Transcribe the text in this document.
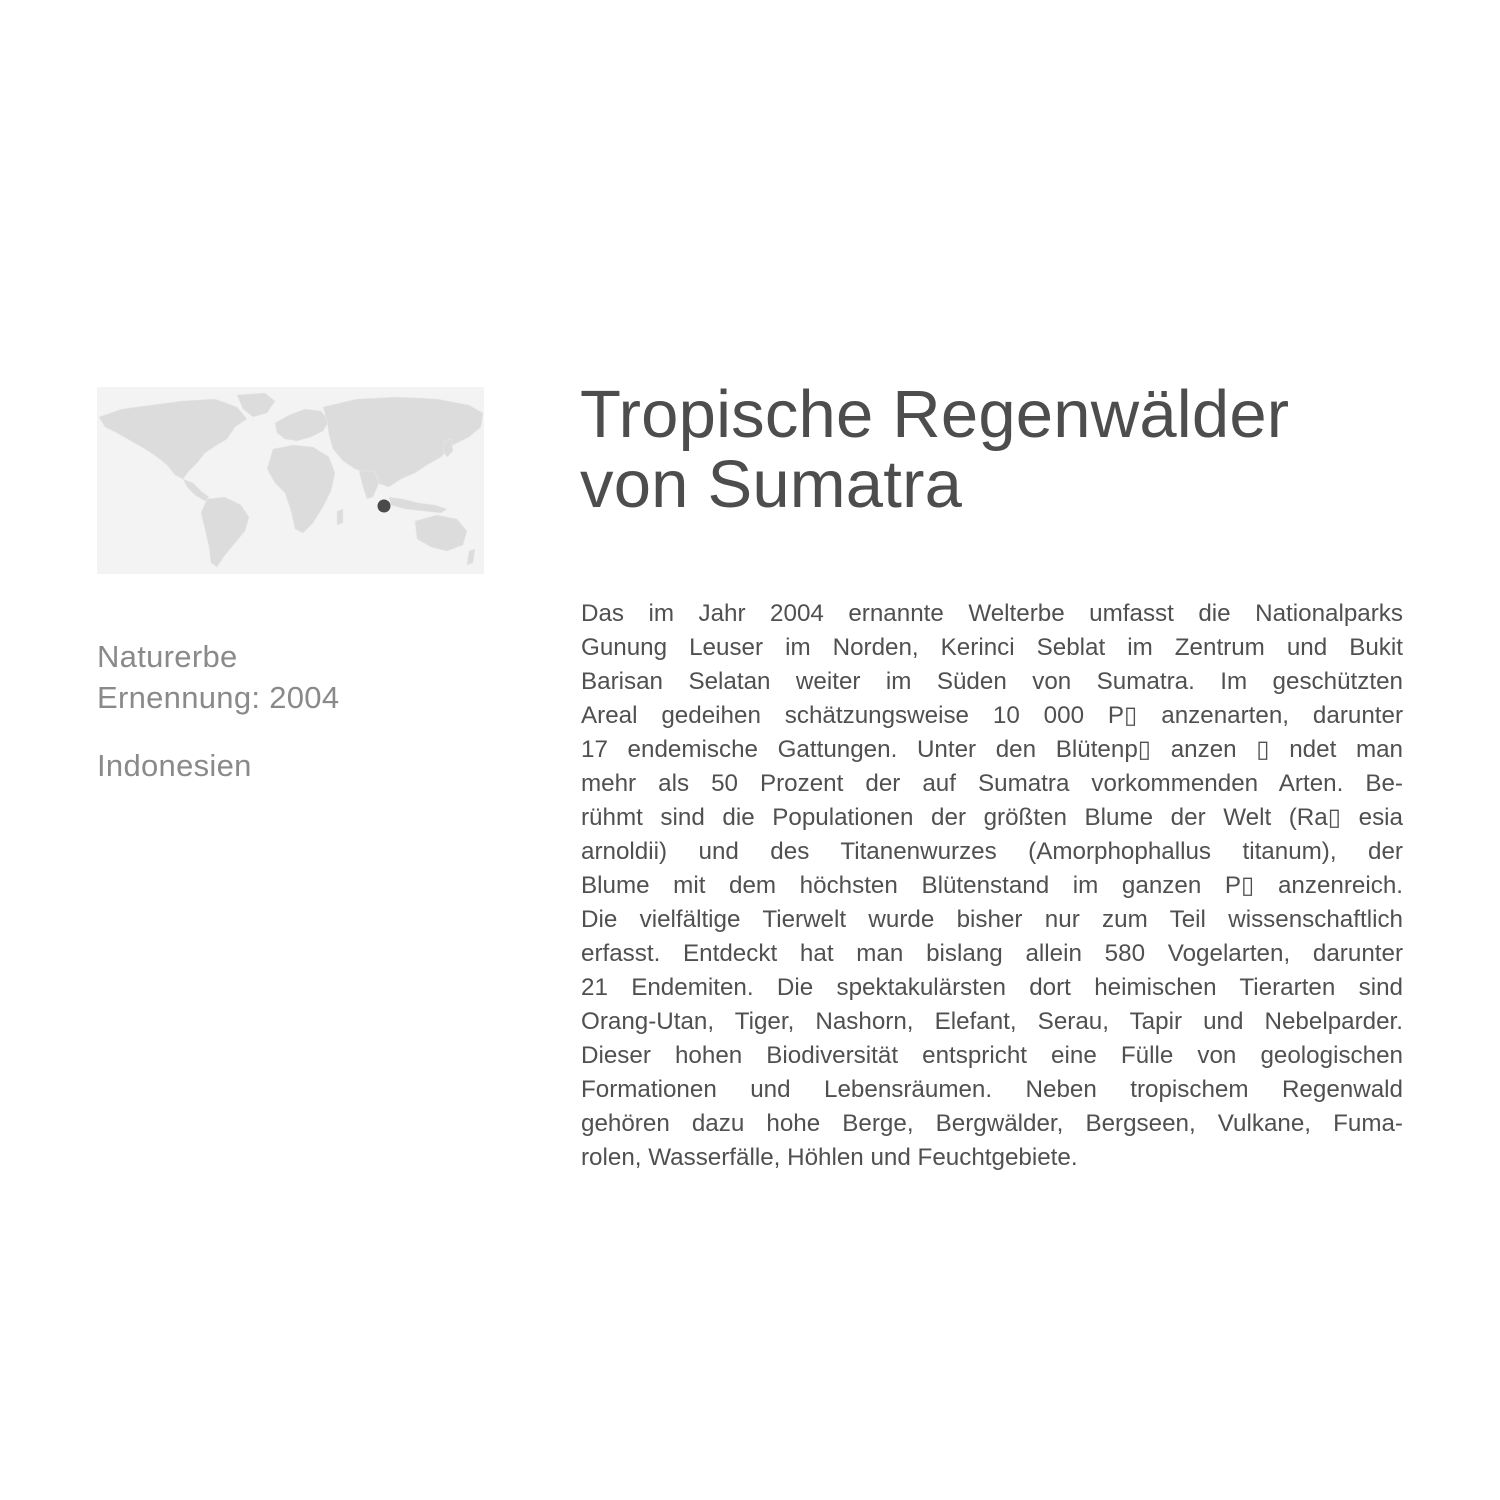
Naturerbe
Ernennung: 2004
Indonesien
Tropische Regenwälder
von Sumatra
Das im Jahr 2004 ernannte Welterbe umfasst die Nationalparks
Gunung Leuser im Norden, Kerinci Seblat im Zentrum und Bukit
Barisan Selatan weiter im Süden von Sumatra. Im geschützten
Areal gedeihen schätzungsweise 10 000 P▯ anzenarten, darunter
17 endemische Gattungen. Unter den Blütenp▯ anzen ▯ ndet man
mehr als 50 Prozent der auf Sumatra vorkommenden Arten. Be-
rühmt sind die Populationen der größten Blume der Welt (Ra▯ esia
arnoldii) und des Titanenwurzes (Amorphophallus titanum), der
Blume mit dem höchsten Blütenstand im ganzen P▯ anzenreich.
Die vielfältige Tierwelt wurde bisher nur zum Teil wissenschaftlich
erfasst. Entdeckt hat man bislang allein 580 Vogelarten, darunter
21 Endemiten. Die spektakulärsten dort heimischen Tierarten sind
Orang-Utan, Tiger, Nashorn, Elefant, Serau, Tapir und Nebelparder.
Dieser hohen Biodiversität entspricht eine Fülle von geologischen
Formationen und Lebensräumen. Neben tropischem Regenwald
gehören dazu hohe Berge, Bergwälder, Bergseen, Vulkane, Fuma-
rolen, Wasserfälle, Höhlen und Feuchtgebiete.
